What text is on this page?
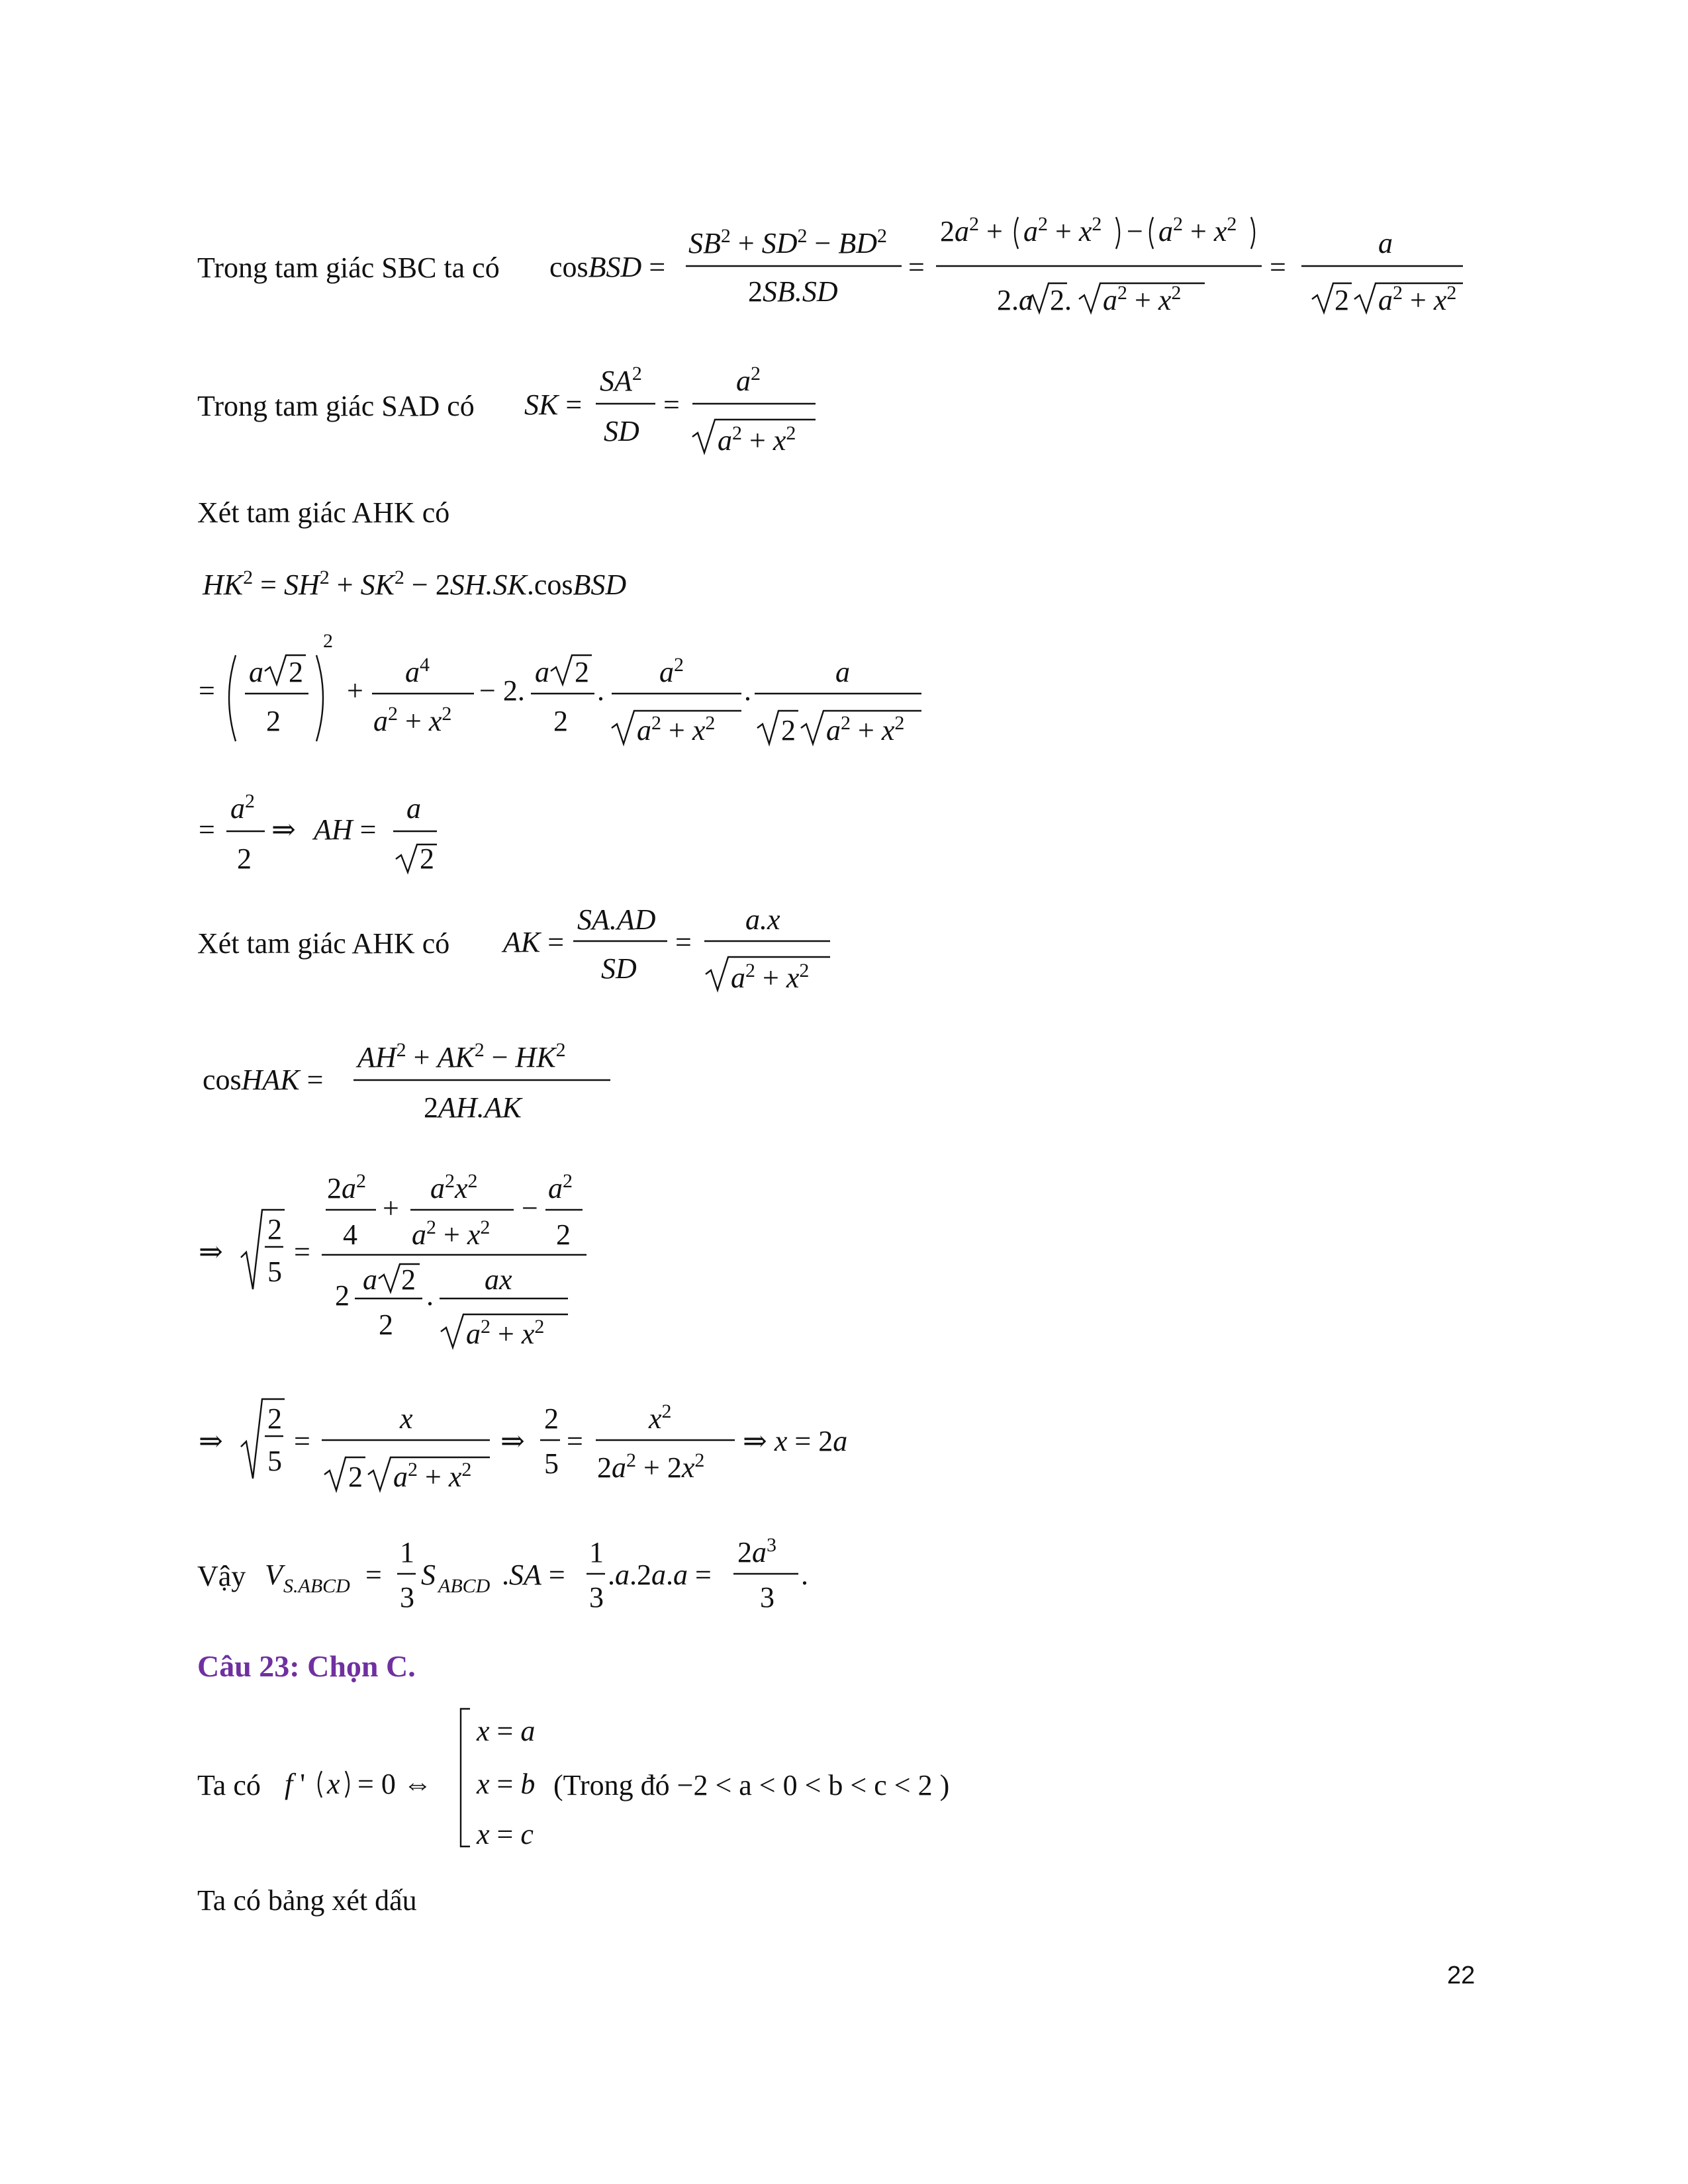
Trong tam giác SBC ta có cosBSD =
$SB^2 + SD^2 - BD^2$
2SB.SD
=
$2a^2 + a^2 + x^2 - a^2 + x^2$
2.a 2. $a^2 + x^2$
=
a
2 $a^2 + x^2$
Trong tam giác SAD có SK =
$SA^2$
SD
=
$a^2$
$a^2 + x^2$
Xét tam giác AHK có
$HK^2 = SH^2 + SK^2$ − 2SH.SK.cosBSD
=
a 2
2
2
+
$a^4$
$a^2 + x^2$
− 2.
a 2
2
.
$a^2$
$a^2 + x^2$
.
a
2 $a^2 + x^2$
=
$a^2$
2
⇒ AH =
a
2
Xét tam giác AHK có AK =
SA.AD
SD
=
a.x
$a^2 + x^2$
cosHAK =
$AH^2 + AK^2 - HK^2$
2AH.AK
⇒
2
5
=
$2a^2$
4
+
$a^2x^2$
$a^2 + x^2$
−
$a^2$
2
2 a 2
2
. ax
$a^2 + x^2$
⇒
2
5
=
x
2 $a^2 + x^2$
⇒
2
5
=
$x^2$
$2a^2 + 2x^2$
⇒ x = 2a
Vậy V S.ABCD =
1
3
S ABCD .SA =
1
3
.a.2a.a =
$2a^3$
3
.
Câu 23: Chọn C.
Ta có f ' x = 0 ⇔
x = a
x = b
x = c
(Trong đó −2 < a < 0 < b < c < 2 )
Ta có bảng xét dấu
22
